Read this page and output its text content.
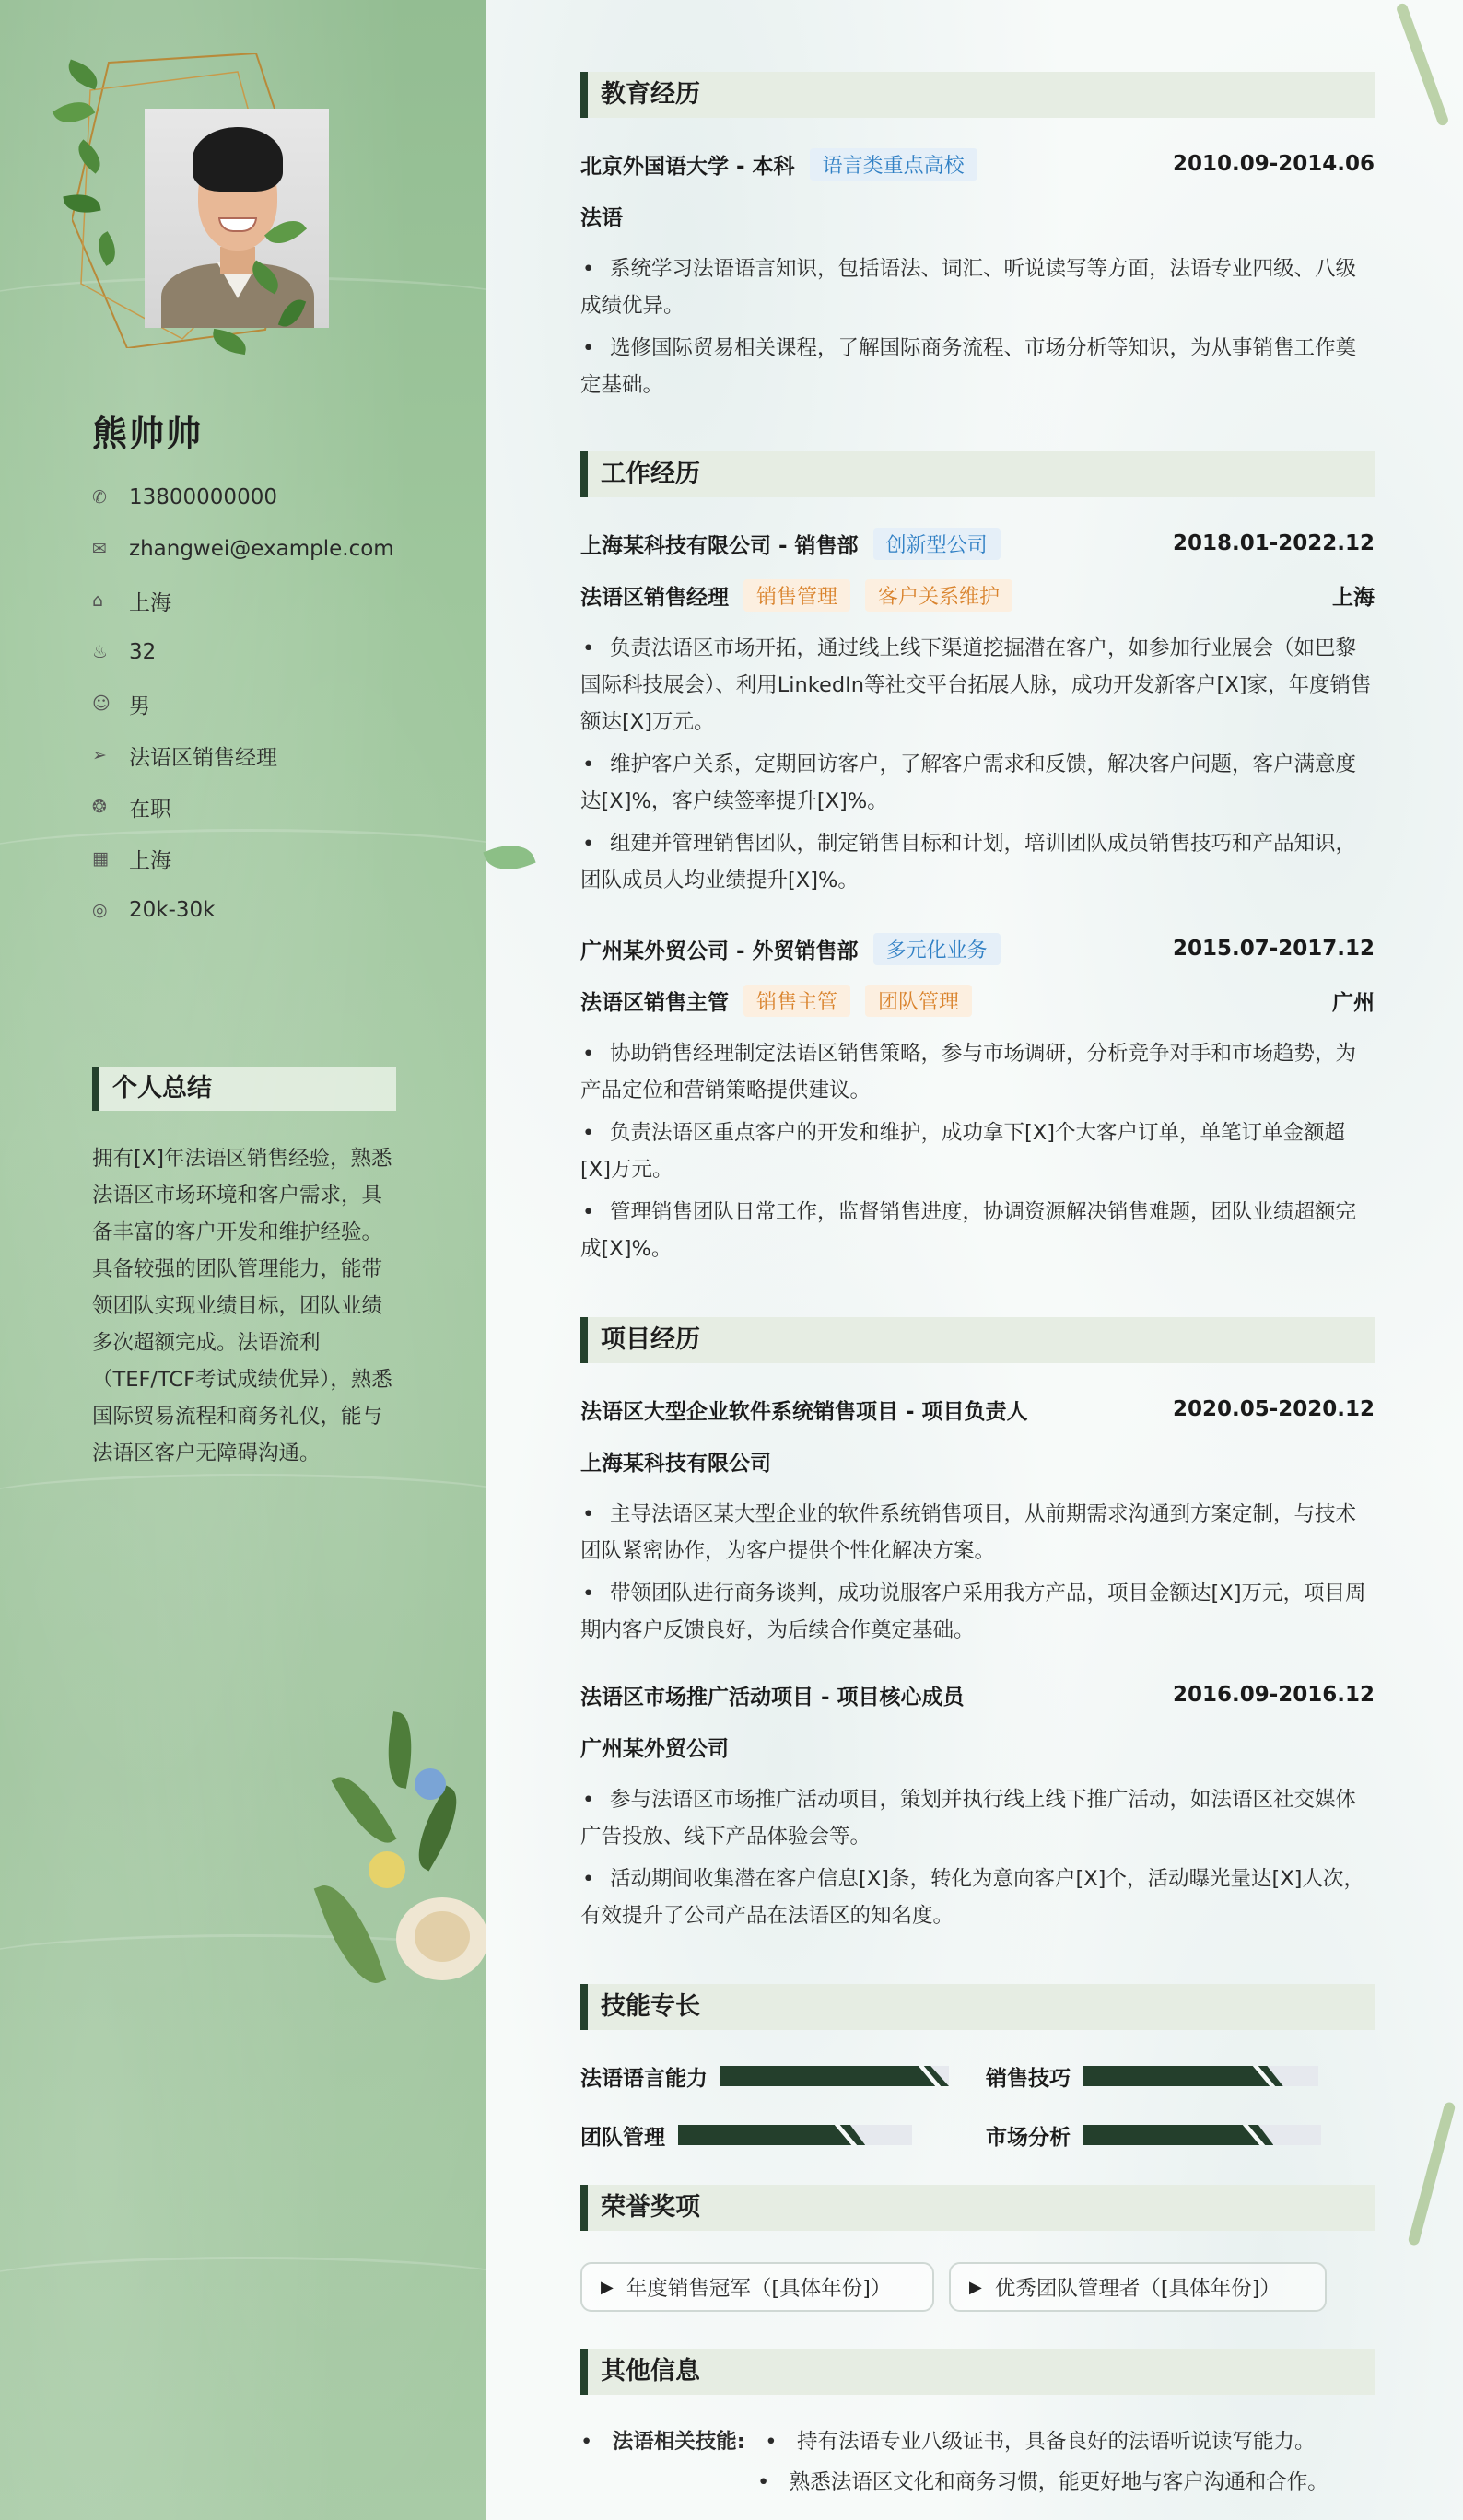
熊帅帅
✆	13800000000
✉	zhangwei@example.com
⌂	上海
♨ 32
☺ 男
➢	法语区销售经理
❂	在职
▦ 上海
◎	20k-30k
个人总结
拥有[X]年法语区销售经验，熟悉法语区市场环境和客户需求，具备丰富的客户开发和维护经验。 具备较强的团队管理能力，能带领团队实现业绩目标，团队业绩多次超额完成。法语流利（TEF/TCF考试成绩优异），熟悉国际贸易流程和商务礼仪，能与法语区客户无障碍沟通。
教育经历
北京外国语大学 - 本科	语言类重点高校	2010.09-2014.06
法语
• 系统学习法语语言知识，包括语法、词汇、听说读写等方面，法语专业四级、八级成绩优异。
• 选修国际贸易相关课程，了解国际商务流程、市场分析等知识，为从事销售工作奠定基础。
工作经历
上海某科技有限公司 - 销售部	创新型公司	2018.01-2022.12
法语区销售经理	销售管理	客户关系维护	上海
• 负责法语区市场开拓，通过线上线下渠道挖掘潜在客户，如参加行业展会（如巴黎国际科技展会）、利用LinkedIn等社交平台拓展人脉，成功开发新客户[X]家，年度销售额达[X]万元。
• 维护客户关系，定期回访客户，了解客户需求和反馈，解决客户问题，客户满意度达[X]%，客户续签率提升[X]%。
• 组建并管理销售团队，制定销售目标和计划，培训团队成员销售技巧和产品知识，团队成员人均业绩提升[X]%。
广州某外贸公司 - 外贸销售部	多元化业务	2015.07-2017.12
法语区销售主管	销售主管	团队管理	广州
• 协助销售经理制定法语区销售策略，参与市场调研，分析竞争对手和市场趋势，为产品定位和营销策略提供建议。
• 负责法语区重点客户的开发和维护，成功拿下[X]个大客户订单，单笔订单金额超[X]万元。
• 管理销售团队日常工作，监督销售进度，协调资源解决销售难题，团队业绩超额完成[X]%。
项目经历
法语区大型企业软件系统销售项目 - 项目负责人	2020.05-2020.12
上海某科技有限公司
• 主导法语区某大型企业的软件系统销售项目，从前期需求沟通到方案定制，与技术团队紧密协作，为客户提供个性化解决方案。
• 带领团队进行商务谈判，成功说服客户采用我方产品，项目金额达[X]万元，项目周期内客户反馈良好，为后续合作奠定基础。
法语区市场推广活动项目 - 项目核心成员	2016.09-2016.12
广州某外贸公司
• 参与法语区市场推广活动项目，策划并执行线上线下推广活动，如法语区社交媒体广告投放、线下产品体验会等。
• 活动期间收集潜在客户信息[X]条，转化为意向客户[X]个，活动曝光量达[X]人次，有效提升了公司产品在法语区的知名度。
技能专长
法语语言能力	销售技巧
团队管理	市场分析
荣誉奖项
▶ 年度销售冠军（[具体年份]）	▶ 优秀团队管理者（[具体年份]）
其他信息
•   法语相关技能:   •   持有法语专业八级证书，具备良好的法语听说读写能力。
•   熟悉法语区文化和商务习惯，能更好地与客户沟通和合作。
